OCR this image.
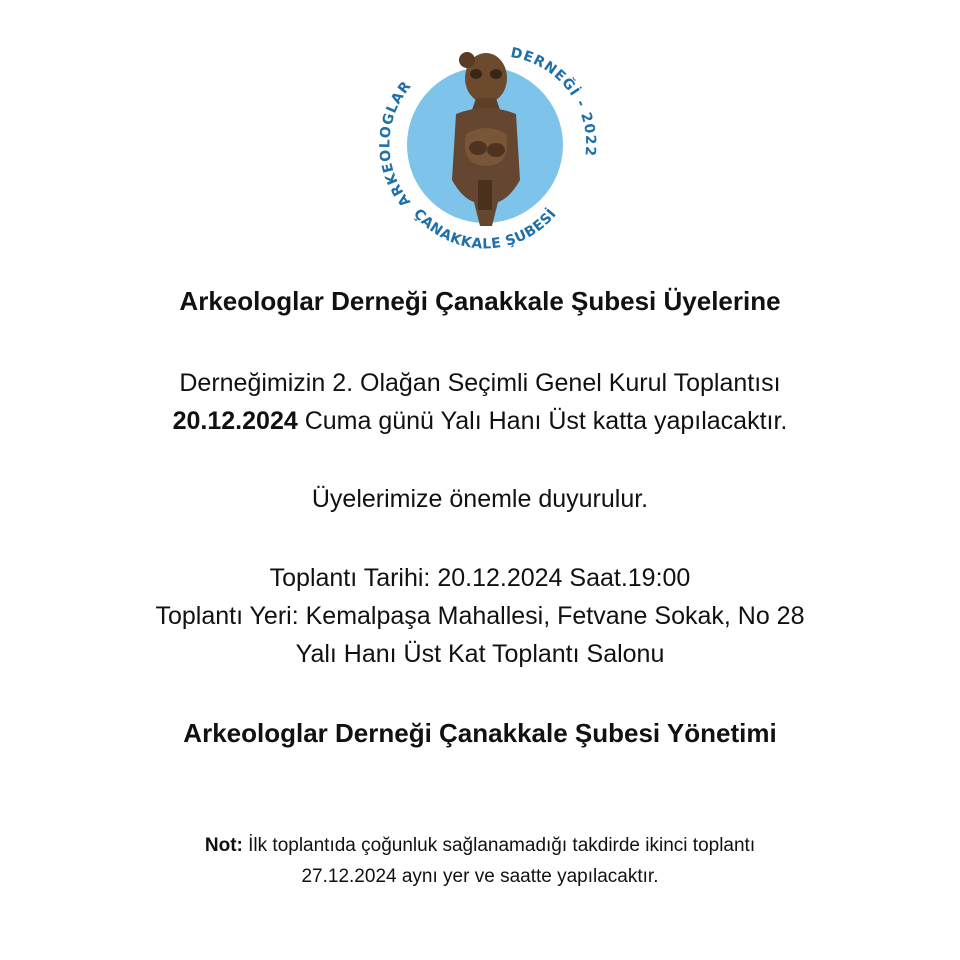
ARKEOLOGLAR
DERNEĞİ - 2022
ÇANAKKALE ŞUBESİ

Arkeologlar Derneği Çanakkale Şubesi Üyelerine

Derneğimizin 2. Olağan Seçimli Genel Kurul Toplantısı
20.12.2024 Cuma günü Yalı Hanı Üst katta yapılacaktır.

Üyelerimize önemle duyurulur.

Toplantı Tarihi: 20.12.2024 Saat.19:00
Toplantı Yeri: Kemalpaşa Mahallesi, Fetvane Sokak, No 28
Yalı Hanı Üst Kat Toplantı Salonu

Arkeologlar Derneği Çanakkale Şubesi Yönetimi

Not: İlk toplantıda çoğunluk sağlanamadığı takdirde ikinci toplantı
27.12.2024 aynı yer ve saatte yapılacaktır.
